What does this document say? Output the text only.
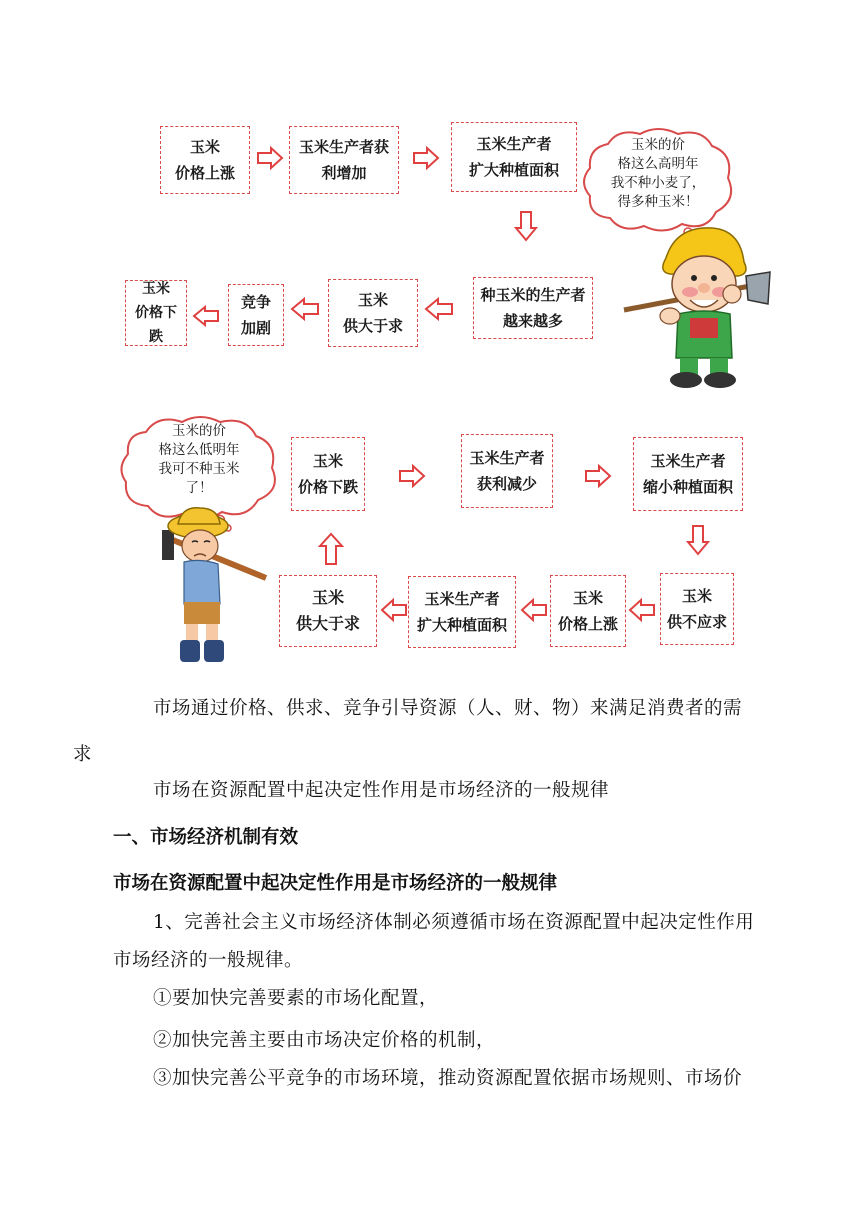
玉米
价格上涨
玉米生产者获
利增加
玉米生产者
扩大种植面积
种玉米的生产者
越来越多
玉米
供大于求
竞争
加剧
玉米
价格下跌
玉米的价
格这么高明年
我不种小麦了，
得多种玉米！
玉米
价格下跌
玉米生产者
获利减少
玉米生产者
缩小种植面积
玉米
供不应求
玉米
价格上涨
玉米生产者
扩大种植面积
玉米
供大于求
玉米的价
格这么低明年
我可不种玉米
了！
市场通过价格、供求、竞争引导资源（人、财、物）来满足消费者的需
求
市场在资源配置中起决定性作用是市场经济的一般规律
一、市场经济机制有效
市场在资源配置中起决定性作用是市场经济的一般规律
1、完善社会主义市场经济体制必须遵循市场在资源配置中起决定性作用
市场经济的一般规律。
①要加快完善要素的市场化配置，
②加快完善主要由市场决定价格的机制，
③加快完善公平竞争的市场环境，推动资源配置依据市场规则、市场价
